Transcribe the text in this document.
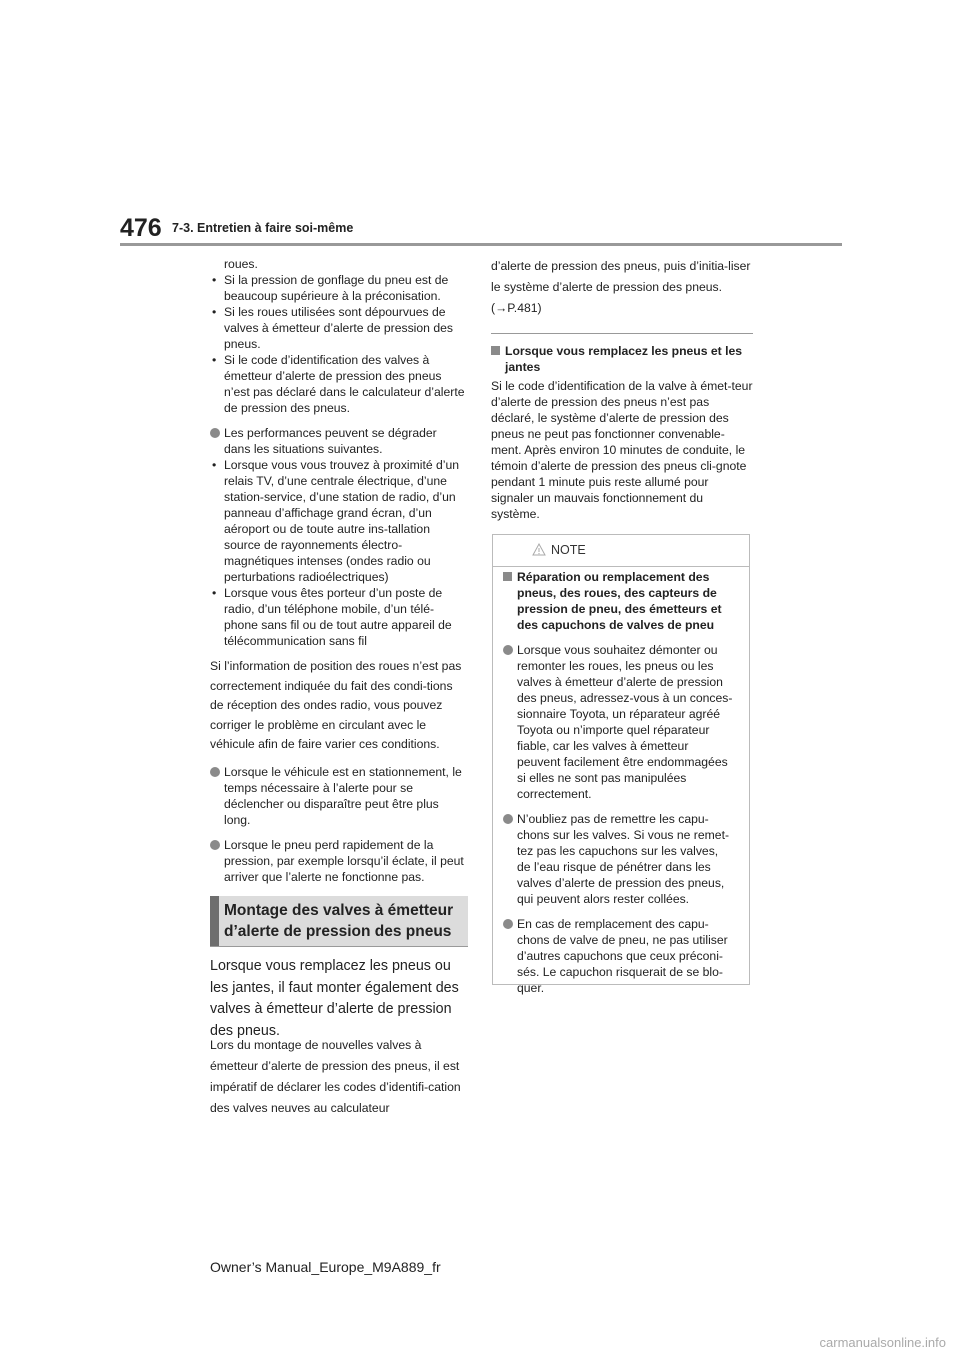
476 7-3. Entretien à faire soi-même
roues.
• Si la pression de gonflage du pneu est de beaucoup supérieure à la préconisation.
• Si les roues utilisées sont dépourvues de valves à émetteur d’alerte de pression des pneus.
• Si le code d’identification des valves à émetteur d’alerte de pression des pneus n’est pas déclaré dans le calculateur d’alerte de pression des pneus.
Les performances peuvent se dégrader dans les situations suivantes.
• Lorsque vous vous trouvez à proximité d’un relais TV, d’une centrale électrique, d’une station-service, d’une station de radio, d’un panneau d’affichage grand écran, d’un aéroport ou de toute autre ins-tallation source de rayonnements électro-magnétiques intenses (ondes radio ou perturbations radioélectriques)
• Lorsque vous êtes porteur d’un poste de radio, d’un téléphone mobile, d’un télé-phone sans fil ou de tout autre appareil de télécommunication sans fil
Si l’information de position des roues n’est pas correctement indiquée du fait des condi-tions de réception des ondes radio, vous pouvez corriger le problème en circulant avec le véhicule afin de faire varier ces conditions.
Lorsque le véhicule est en stationnement, le temps nécessaire à l’alerte pour se déclencher ou disparaître peut être plus long.
Lorsque le pneu perd rapidement de la pression, par exemple lorsqu’il éclate, il peut arriver que l’alerte ne fonctionne pas.
Montage des valves à émetteur d’alerte de pression des pneus
Lorsque vous remplacez les pneus ou les jantes, il faut monter également des valves à émetteur d’alerte de pression des pneus.
Lors du montage de nouvelles valves à émetteur d’alerte de pression des pneus, il est impératif de déclarer les codes d’identifi-cation des valves neuves au calculateur
d’alerte de pression des pneus, puis d’initia-liser le système d’alerte de pression des pneus. (→P.481)
Lorsque vous remplacez les pneus et les jantes
Si le code d’identification de la valve à émet-teur d’alerte de pression des pneus n’est pas déclaré, le système d’alerte de pression des pneus ne peut pas fonctionner convenable-ment. Après environ 10 minutes de conduite, le témoin d’alerte de pression des pneus cli-gnote pendant 1 minute puis reste allumé pour signaler un mauvais fonctionnement du système.
NOTE
Réparation ou remplacement des pneus, des roues, des capteurs de pression de pneu, des émetteurs et des capuchons de valves de pneu
Lorsque vous souhaitez démonter ou remonter les roues, les pneus ou les valves à émetteur d’alerte de pression des pneus, adressez-vous à un conces-sionnaire Toyota, un réparateur agréé Toyota ou n’importe quel réparateur fiable, car les valves à émetteur peuvent facilement être endommagées si elles ne sont pas manipulées correctement.
N’oubliez pas de remettre les capu-chons sur les valves. Si vous ne remet-tez pas les capuchons sur les valves, de l’eau risque de pénétrer dans les valves d’alerte de pression des pneus, qui peuvent alors rester collées.
En cas de remplacement des capu-chons de valve de pneu, ne pas utiliser d’autres capuchons que ceux préconi-sés. Le capuchon risquerait de se blo-quer.
Owner’s Manual_Europe_M9A889_fr
carmanualsonline.info
